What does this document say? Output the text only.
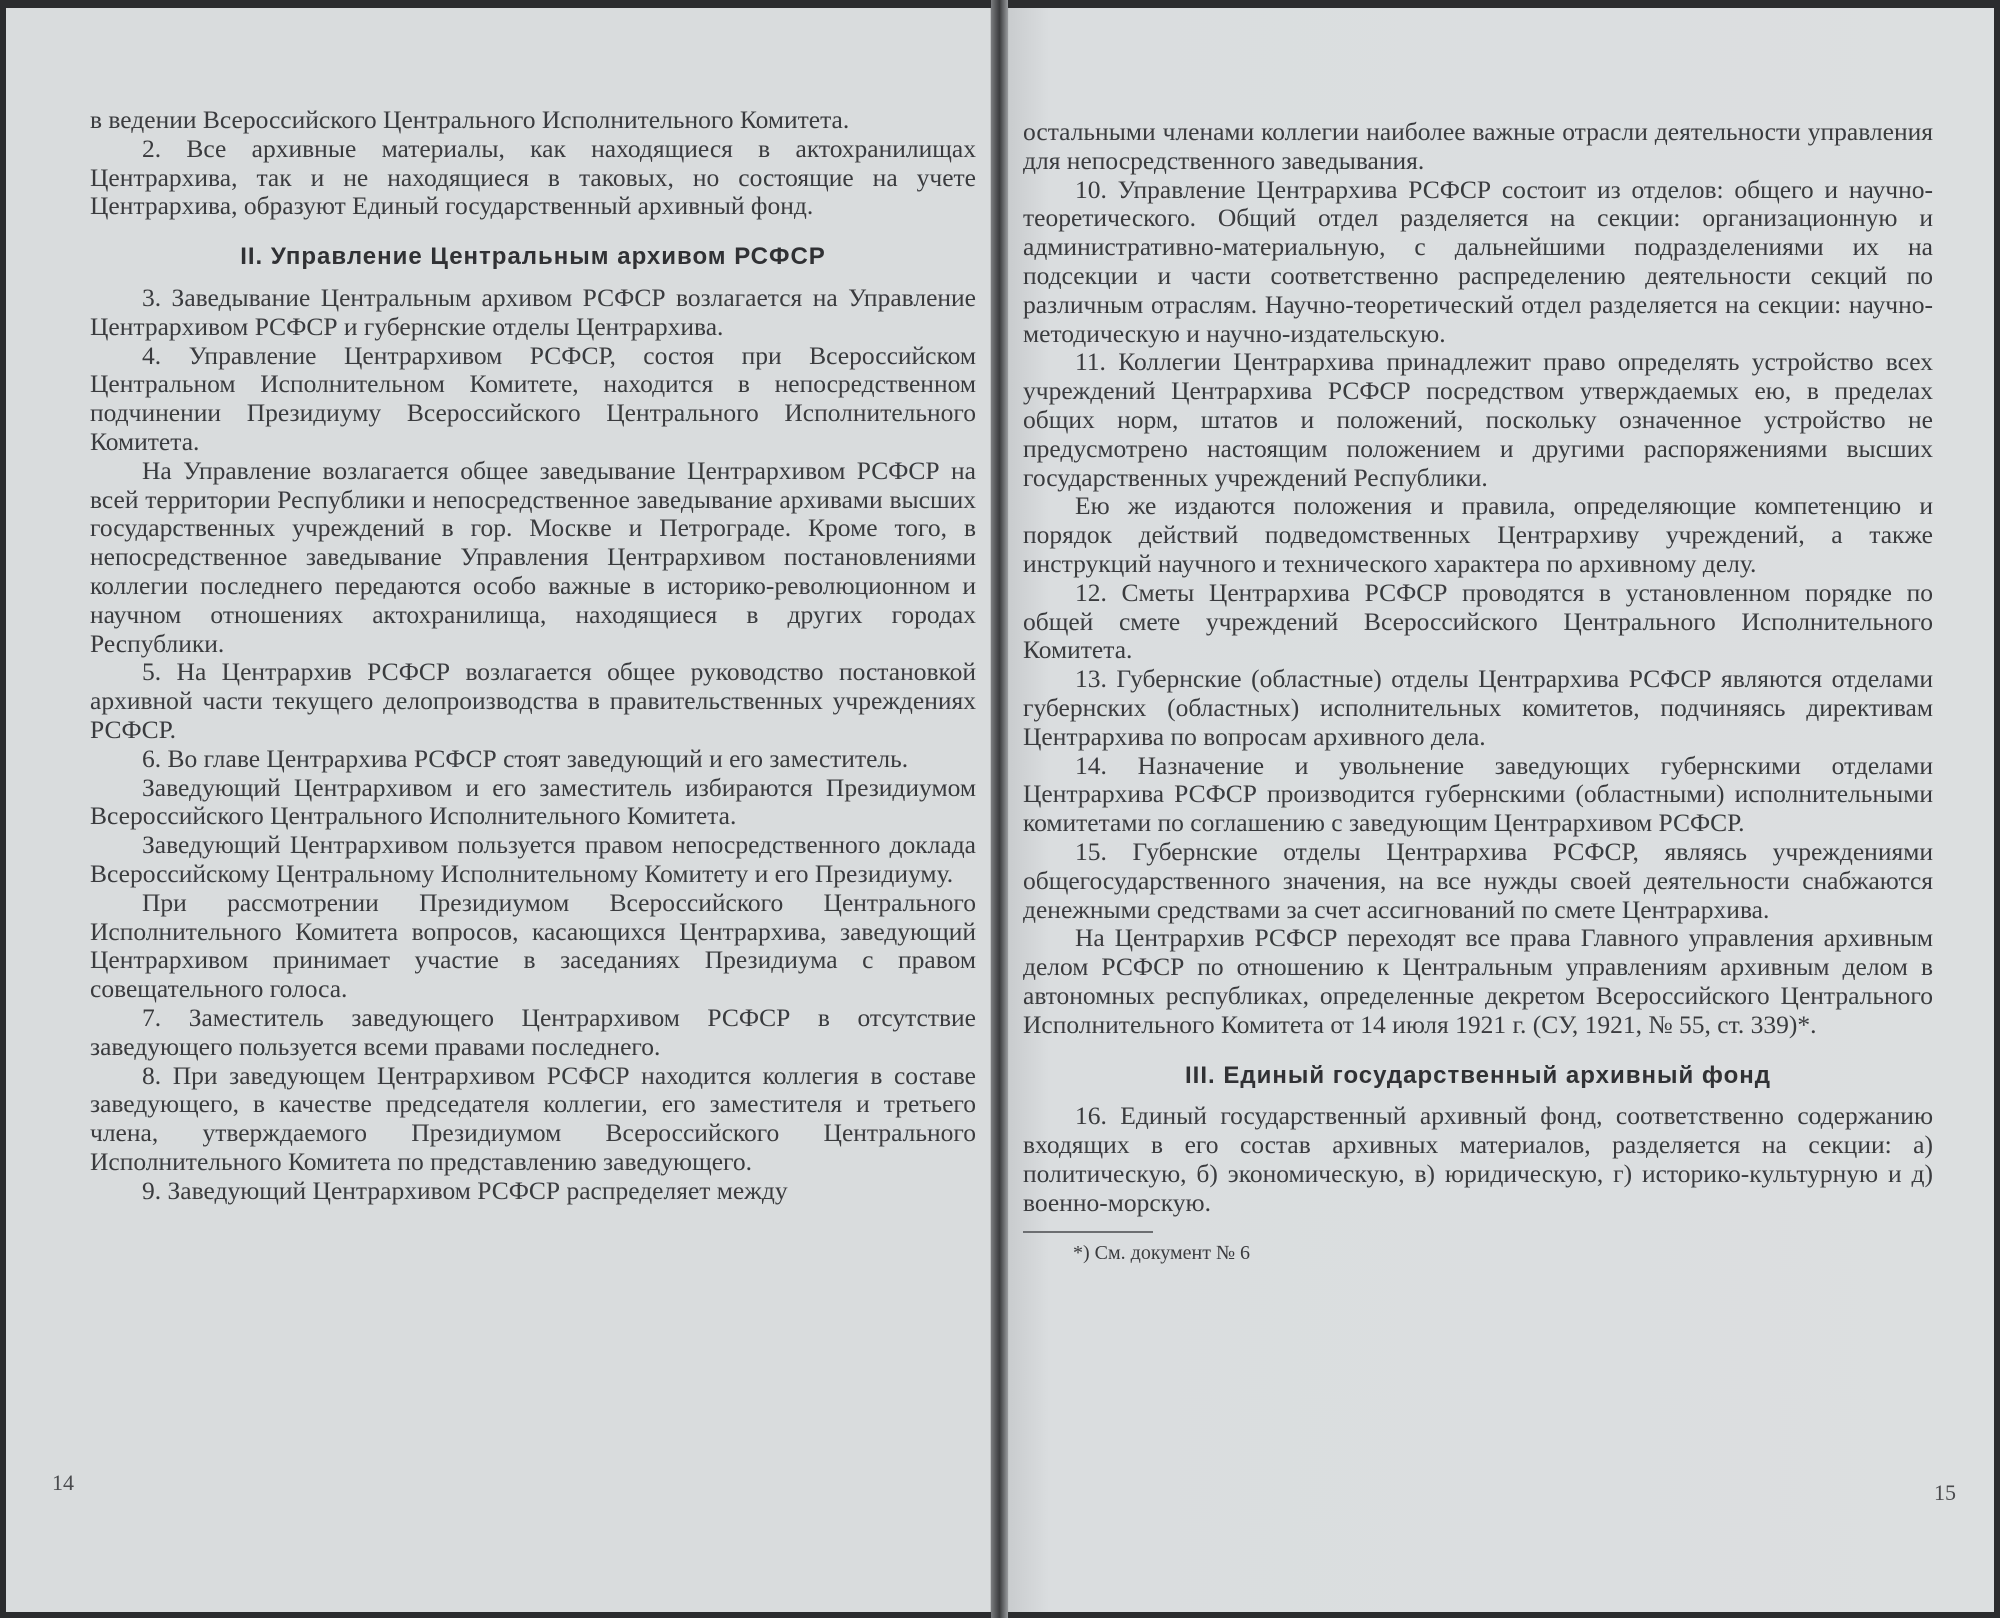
в ведении Всероссийского Центрального Исполнительного Комитета.

2. Все архивные материалы, как находящиеся в актохранилищах Центрархива, так и не находящиеся в таковых, но состоящие на учете Центрархива, образуют Единый государственный архивный фонд.

II. Управление Центральным архивом РСФСР

3. Заведывание Центральным архивом РСФСР возлагается на Управление Центрархивом РСФСР и губернские отделы Центрархива.

4. Управление Центрархивом РСФСР, состоя при Всероссийском Центральном Исполнительном Комитете, находится в непосредственном подчинении Президиуму Всероссийского Центрального Исполнительного Комитета.

На Управление возлагается общее заведывание Центрархивом РСФСР на всей территории Республики и непосредственное заведывание архивами высших государственных учреждений в гор. Москве и Петрограде. Кроме того, в непосредственное заведывание Управления Центрархивом постановлениями коллегии последнего передаются особо важные в историко-революционном и научном отношениях актохранилища, находящиеся в других городах Республики.

5. На Центрархив РСФСР возлагается общее руководство постановкой архивной части текущего делопроизводства в правительственных учреждениях РСФСР.

6. Во главе Центрархива РСФСР стоят заведующий и его заместитель.

Заведующий Центрархивом и его заместитель избираются Президиумом Всероссийского Центрального Исполнительного Комитета.

Заведующий Центрархивом пользуется правом непосредственного доклада Всероссийскому Центральному Исполнительному Комитету и его Президиуму.

При рассмотрении Президиумом Всероссийского Центрального Исполнительного Комитета вопросов, касающихся Центрархива, заведующий Центрархивом принимает участие в заседаниях Президиума с правом совещательного голоса.

7. Заместитель заведующего Центрархивом РСФСР в отсутствие заведующего пользуется всеми правами последнего.

8. При заведующем Центрархивом РСФСР находится коллегия в составе заведующего, в качестве председателя коллегии, его заместителя и третьего члена, утверждаемого Президиумом Всероссийского Центрального Исполнительного Комитета по представлению заведующего.

9. Заведующий Центрархивом РСФСР распределяет между

14

остальными членами коллегии наиболее важные отрасли деятельности управления для непосредственного заведывания.

10. Управление Центрархива РСФСР состоит из отделов: общего и научно-теоретического. Общий отдел разделяется на секции: организационную и административно-материальную, с дальнейшими подразделениями их на подсекции и части соответственно распределению деятельности секций по различным отраслям. Научно-теоретический отдел разделяется на секции: научно-методическую и научно-издательскую.

11. Коллегии Центрархива принадлежит право определять устройство всех учреждений Центрархива РСФСР посредством утверждаемых ею, в пределах общих норм, штатов и положений, поскольку означенное устройство не предусмотрено настоящим положением и другими распоряжениями высших государственных учреждений Республики.

Ею же издаются положения и правила, определяющие компетенцию и порядок действий подведомственных Центрархиву учреждений, а также инструкций научного и технического характера по архивному делу.

12. Сметы Центрархива РСФСР проводятся в установленном порядке по общей смете учреждений Всероссийского Центрального Исполнительного Комитета.

13. Губернские (областные) отделы Центрархива РСФСР являются отделами губернских (областных) исполнительных комитетов, подчиняясь директивам Центрархива по вопросам архивного дела.

14. Назначение и увольнение заведующих губернскими отделами Центрархива РСФСР производится губернскими (областными) исполнительными комитетами по соглашению с заведующим Центрархивом РСФСР.

15. Губернские отделы Центрархива РСФСР, являясь учреждениями общегосударственного значения, на все нужды своей деятельности снабжаются денежными средствами за счет ассигнований по смете Центрархива.

На Центрархив РСФСР переходят все права Главного управления архивным делом РСФСР по отношению к Центральным управлениям архивным делом в автономных республиках, определенные декретом Всероссийского Центрального Исполнительного Комитета от 14 июля 1921 г. (СУ, 1921, № 55, ст. 339)*.

III. Единый государственный архивный фонд

16. Единый государственный архивный фонд, соответственно содержанию входящих в его состав архивных материалов, разделяется на секции: а) политическую, б) экономическую, в) юридическую, г) историко-культурную и д) военно-морскую.

*) См. документ № 6

15
